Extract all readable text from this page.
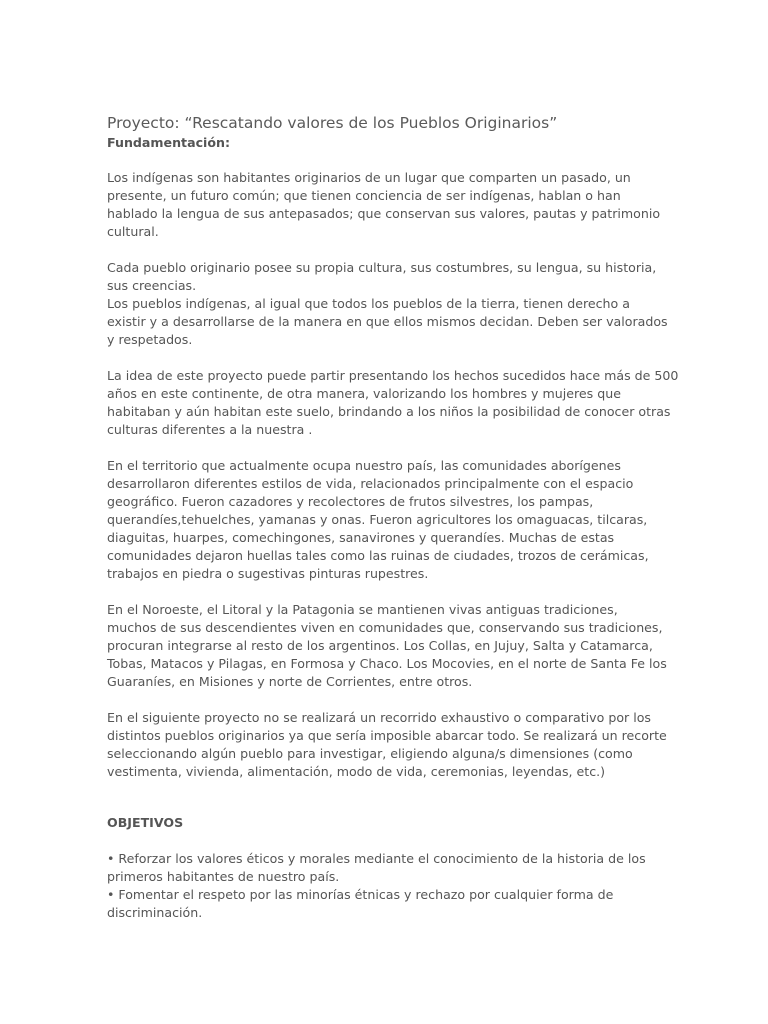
Proyecto: “Rescatando valores de los Pueblos Originarios”

Fundamentación:

Los indígenas son habitantes originarios de un lugar que comparten un pasado, un
presente, un futuro común; que tienen conciencia de ser indígenas, hablan o han
hablado la lengua de sus antepasados; que conservan sus valores, pautas y patrimonio
cultural.

Cada pueblo originario posee su propia cultura, sus costumbres, su lengua, su historia,
sus creencias.
Los pueblos indígenas, al igual que todos los pueblos de la tierra, tienen derecho a
existir y a desarrollarse de la manera en que ellos mismos decidan. Deben ser valorados
y respetados.

La idea de este proyecto puede partir presentando los hechos sucedidos hace más de 500
años en este continente, de otra manera, valorizando los hombres y mujeres que
habitaban y aún habitan este suelo, brindando a los niños la posibilidad de conocer otras
culturas diferentes a la nuestra .

En el territorio que actualmente ocupa nuestro país, las comunidades aborígenes
desarrollaron diferentes estilos de vida, relacionados principalmente con el espacio
geográfico. Fueron cazadores y recolectores de frutos silvestres, los pampas,
querandíes,tehuelches, yamanas y onas. Fueron agricultores los omaguacas, tilcaras,
diaguitas, huarpes, comechingones, sanavirones y querandíes. Muchas de estas
comunidades dejaron huellas tales como las ruinas de ciudades, trozos de cerámicas,
trabajos en piedra o sugestivas pinturas rupestres.

En el Noroeste, el Litoral y la Patagonia se mantienen vivas antiguas tradiciones,
muchos de sus descendientes viven en comunidades que, conservando sus tradiciones,
procuran integrarse al resto de los argentinos. Los Collas, en Jujuy, Salta y Catamarca,
Tobas, Matacos y Pilagas, en Formosa y Chaco. Los Mocovies, en el norte de Santa Fe los
Guaraníes, en Misiones y norte de Corrientes, entre otros.

En el siguiente proyecto no se realizará un recorrido exhaustivo o comparativo por los
distintos pueblos originarios ya que sería imposible abarcar todo. Se realizará un recorte
seleccionando algún pueblo para investigar, eligiendo alguna/s dimensiones (como
vestimenta, vivienda, alimentación, modo de vida, ceremonias, leyendas, etc.)

OBJETIVOS

• Reforzar los valores éticos y morales mediante el conocimiento de la historia de los
primeros habitantes de nuestro país.
• Fomentar el respeto por las minorías étnicas y rechazo por cualquier forma de
discriminación.
